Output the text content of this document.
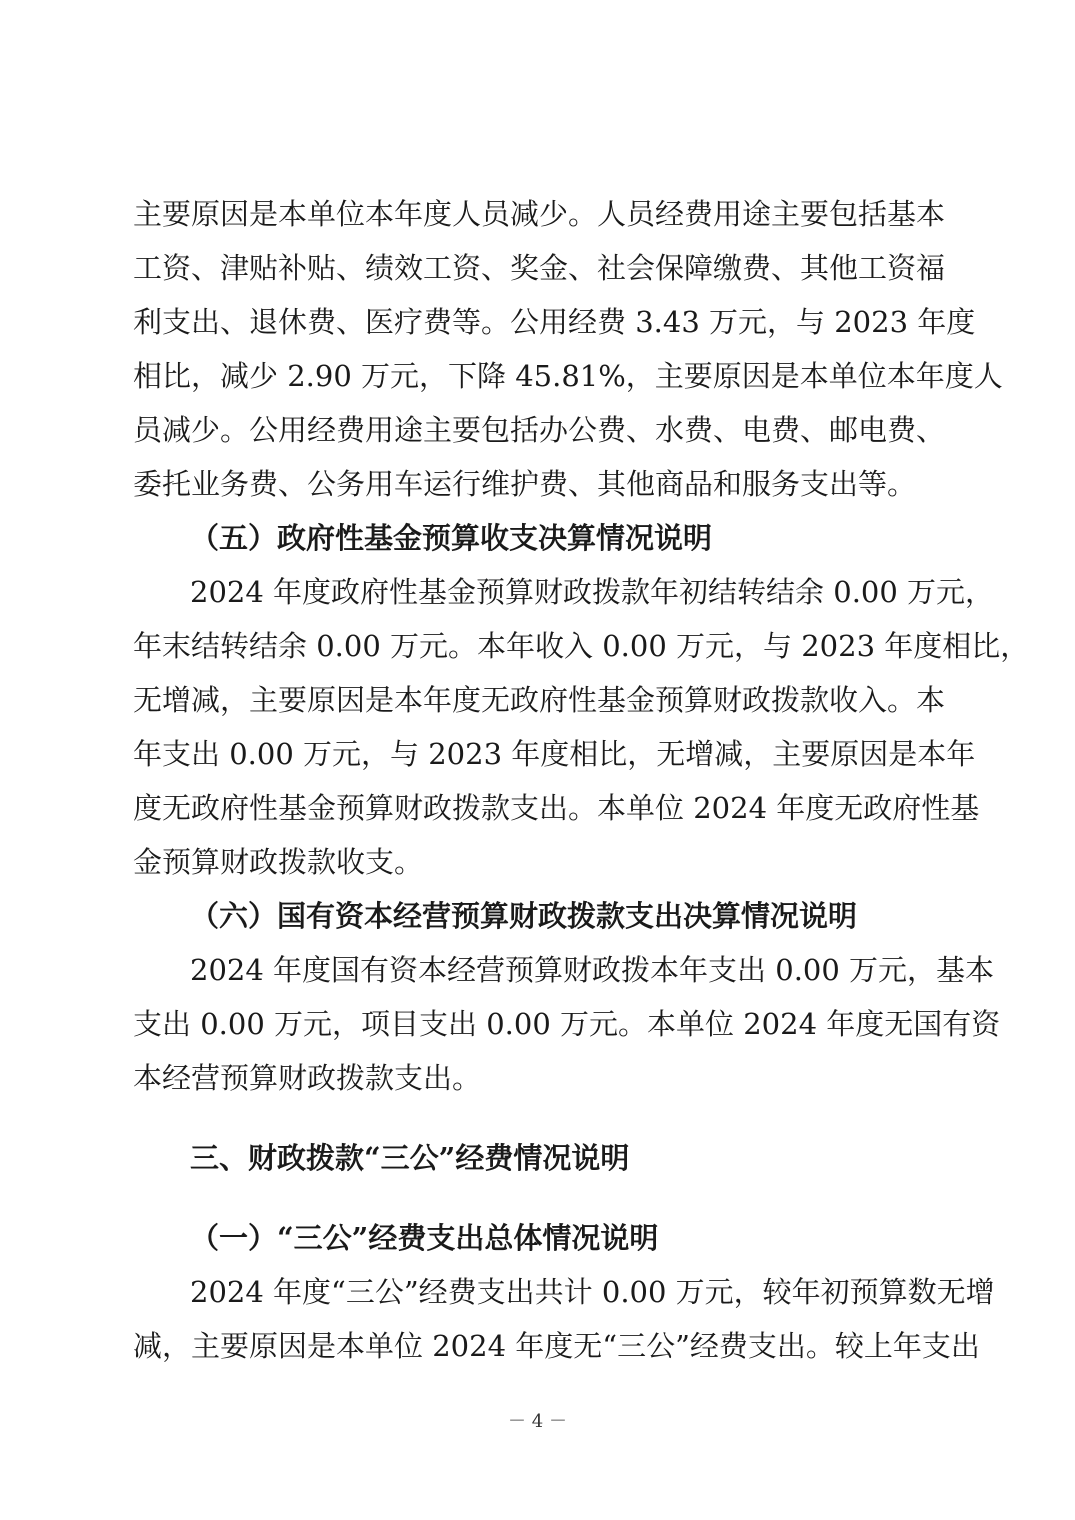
主要原因是本单位本年度人员减少。人员经费用途主要包括基本
工资、津贴补贴、绩效工资、奖金、社会保障缴费、其他工资福
利支出、退休费、医疗费等。公用经费 3.43 万元，与 2023 年度
相比，减少 2.90 万元，下降 45.81%，主要原因是本单位本年度人
员减少。公用经费用途主要包括办公费、水费、电费、邮电费、
委托业务费、公务用车运行维护费、其他商品和服务支出等。
（五）政府性基金预算收支决算情况说明
2024 年度政府性基金预算财政拨款年初结转结余 0.00 万元，
年末结转结余 0.00 万元。本年收入 0.00 万元，与 2023 年度相比，
无增减，主要原因是本年度无政府性基金预算财政拨款收入。本
年支出 0.00 万元，与 2023 年度相比，无增减，主要原因是本年
度无政府性基金预算财政拨款支出。本单位 2024 年度无政府性基
金预算财政拨款收支。
（六）国有资本经营预算财政拨款支出决算情况说明
2024 年度国有资本经营预算财政拨本年支出 0.00 万元，基本
支出 0.00 万元，项目支出 0.00 万元。本单位 2024 年度无国有资
本经营预算财政拨款支出。
三、财政拨款“三公”经费情况说明
（一）“三公”经费支出总体情况说明
2024 年度“三公”经费支出共计 0.00 万元，较年初预算数无增
减，主要原因是本单位 2024 年度无“三公”经费支出。较上年支出
－ 4 －
